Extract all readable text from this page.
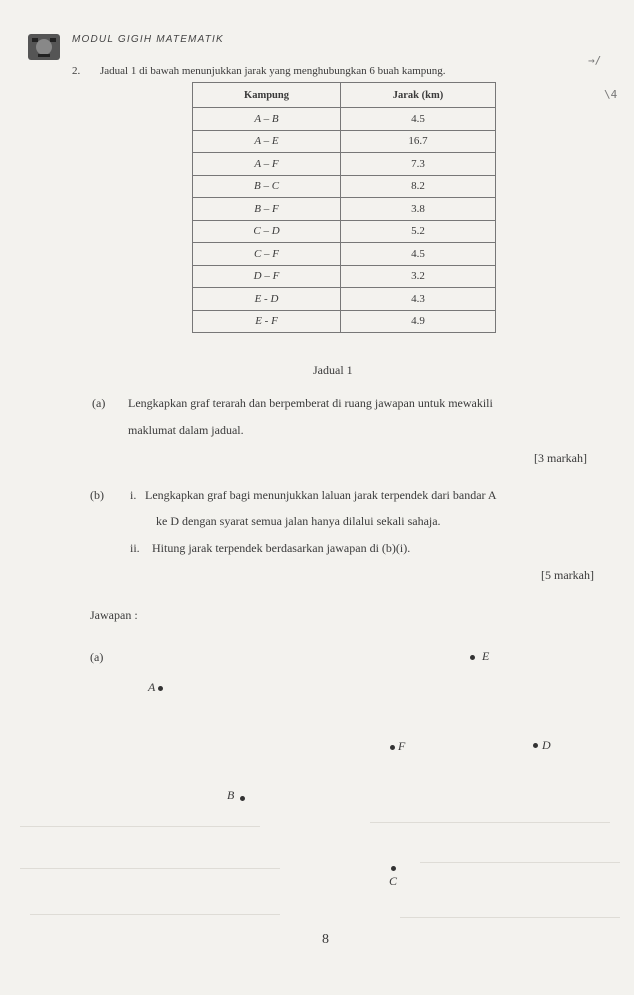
MODUL GIGIH MATEMATIK
→/
\4
2. Jadual 1 di bawah menunjukkan jarak yang menghubungkan 6 buah kampung.
Kampung	Jarak (km)
A – B	4.5
A – E	16.7
A – F	7.3
B – C	8.2
B – F	3.8
C – D	5.2
C – F	4.5
D – F	3.2
E - D	4.3
E - F	4.9
Jadual 1
(a) Lengkapkan graf terarah dan berpemberat di ruang jawapan untuk mewakili
maklumat dalam jadual.
[3 markah]
(b) i. Lengkapkan graf bagi menunjukkan laluan jarak terpendek dari bandar A
ke D dengan syarat semua jalan hanya dilalui sekali sahaja.
ii. Hitung jarak terpendek berdasarkan jawapan di (b)(i).
[5 markah]
Jawapan :
(a)	E
A
F	D
B
C
8
